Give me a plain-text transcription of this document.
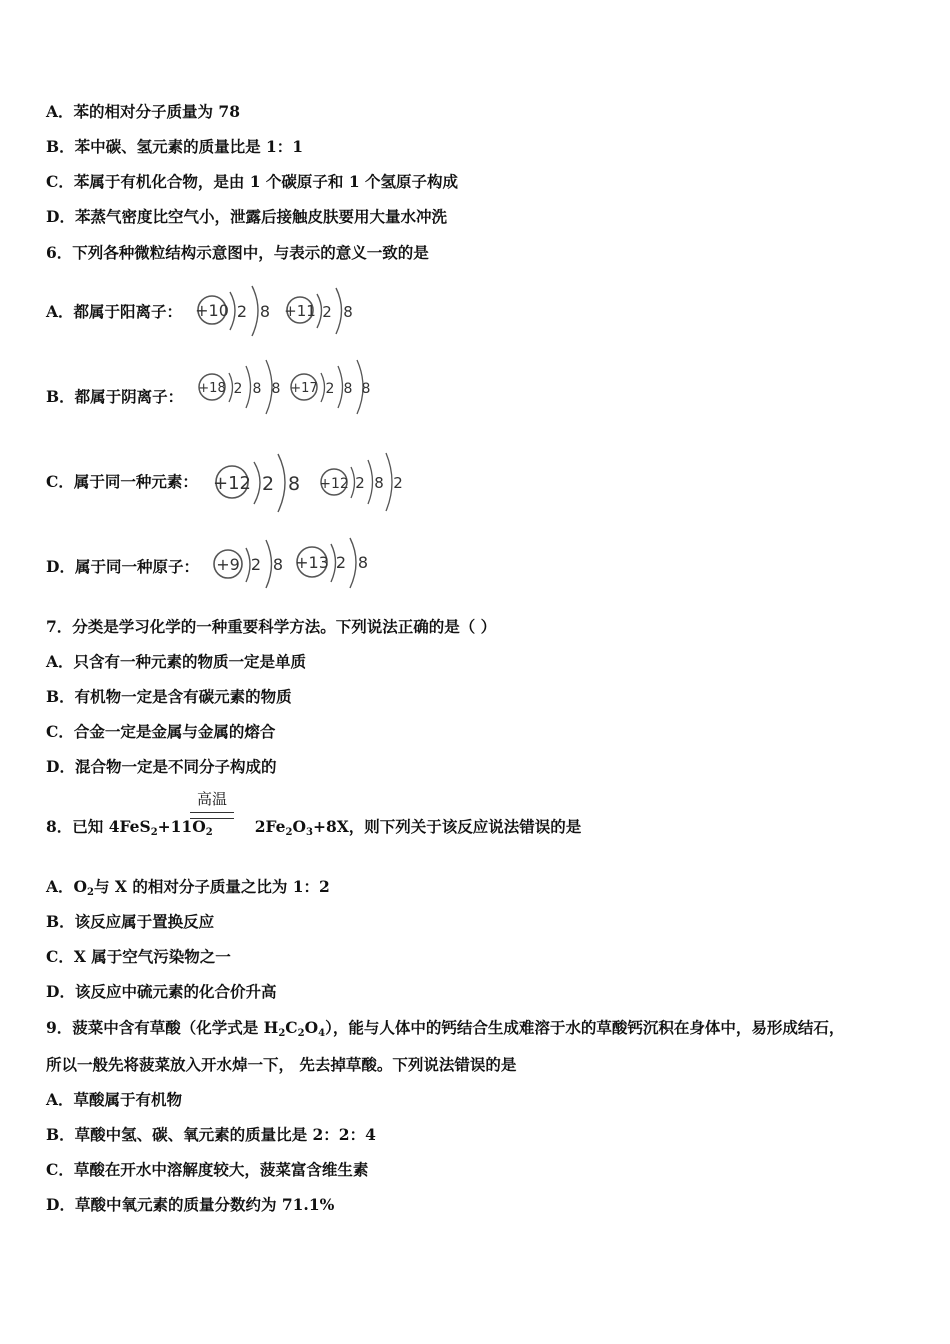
A．苯的相对分子质量为 78
B．苯中碳、氢元素的质量比是 1：1
C．苯属于有机化合物，是由 1 个碳原子和 1 个氢原子构成
D．苯蒸气密度比空气小，泄露后接触皮肤要用大量水冲洗
6．下列各种微粒结构示意图中，与表示的意义一致的是
A．都属于阳离子： +10 2 8 +11 2 8
B．都属于阴离子： +18 2 8 8 +17 2 8 8
C．属于同一种元素： +12 2 8 +12 2 8 2
D．属于同一种原子： +9 2 8 +13 2 8
7．分类是学习化学的一种重要科学方法。下列说法正确的是（ ）
A．只含有一种元素的物质一定是单质
B．有机物一定是含有碳元素的物质
C．合金一定是金属与金属的熔合
D．混合物一定是不同分子构成的
高温
8．已知 $4FeS_2+11O_2$	$2Fe_2O_3+8X$，则下列关于该反应说法错误的是
A．$O_2$与 X 的相对分子质量之比为 1：2
B．该反应属于置换反应
C．X 属于空气污染物之一
D．该反应中硫元素的化合价升高
9．菠菜中含有草酸（化学式是 $H_2C_2O_4$），能与人体中的钙结合生成难溶于水的草酸钙沉积在身体中，易形成结石，
所以一般先将菠菜放入开水焯一下， 先去掉草酸。下列说法错误的是
A．草酸属于有机物
B．草酸中氢、碳、氧元素的质量比是 2：2：4
C．草酸在开水中溶解度较大，菠菜富含维生素
D．草酸中氧元素的质量分数约为 71.1%
